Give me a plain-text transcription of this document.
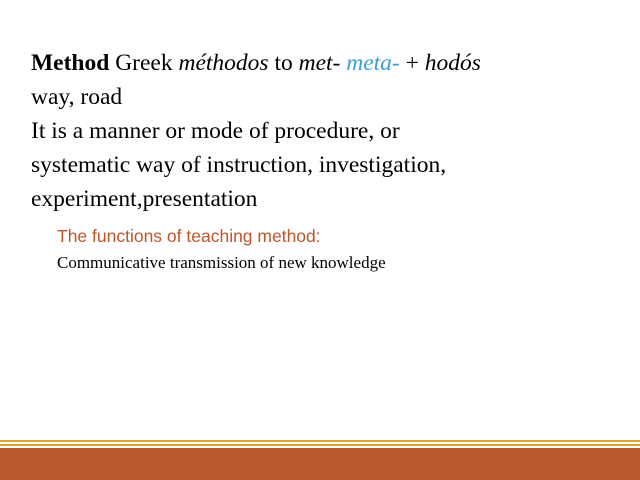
Method Greek méthodos to met- meta- + hodós
way, road
It is a manner or mode of procedure, or
systematic way of instruction, investigation,
experiment,presentation
The functions of teaching method:
Communicative transmission of new knowledge
